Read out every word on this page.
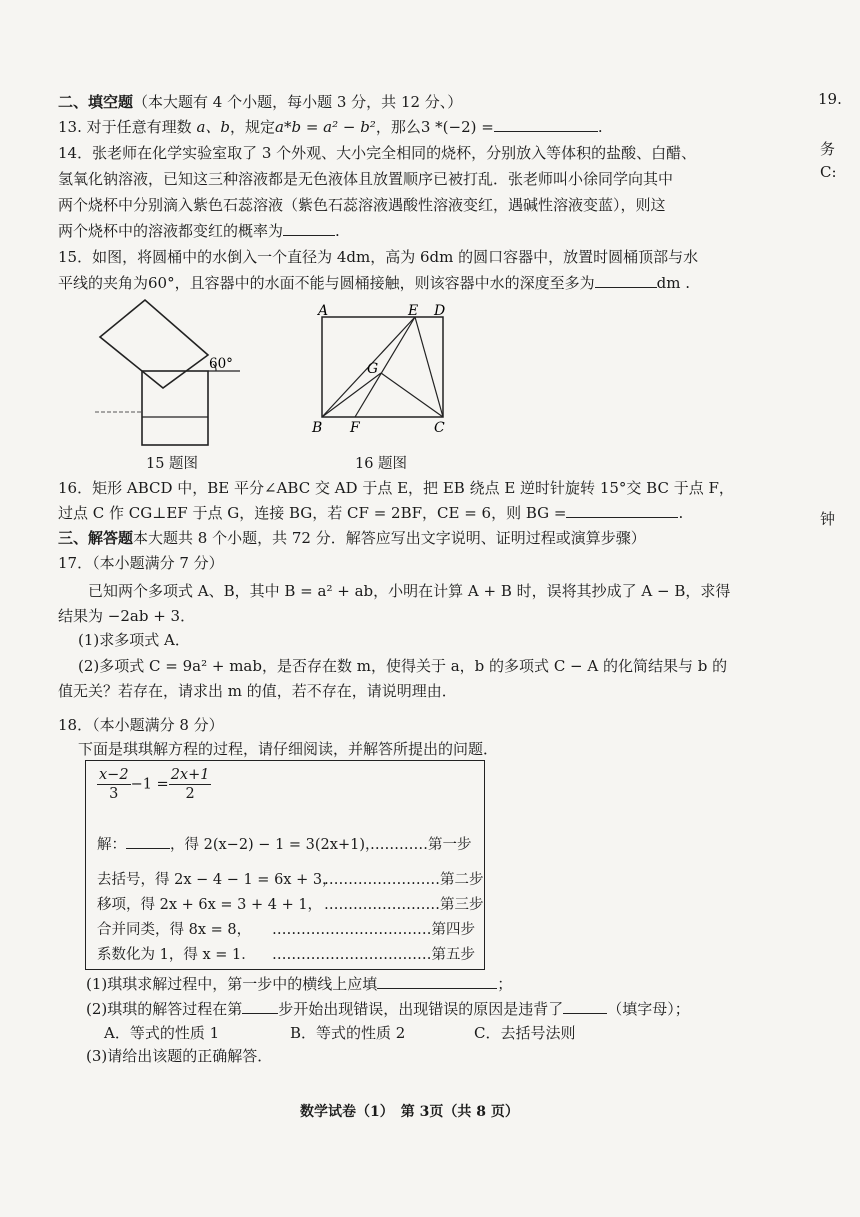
19.
务
C:
钟
二、填空题（本大题有 4 个小题，每小题 3 分，共 12 分、）
13. 对于任意有理数 a、b，规定a*b = a² − b²，那么3 *(−2) =	.
14．张老师在化学实验室取了 3 个外观、大小完全相同的烧杯，分别放入等体积的盐酸、白醋、
氢氧化钠溶液，已知这三种溶液都是无色液体且放置顺序已被打乱．张老师叫小徐同学向其中
两个烧杯中分别滴入紫色石蕊溶液（紫色石蕊溶液遇酸性溶液变红，遇碱性溶液变蓝），则这
两个烧杯中的溶液都变红的概率为	.
15．如图，将圆桶中的水倒入一个直径为 4dm，高为 6dm 的圆口容器中，放置时圆桶顶部与水
平线的夹角为60°，且容器中的水面不能与圆桶接触，则该容器中水的深度至多为	dm .
60°
15 题图
A	E D
G
B F	C
16 题图
16．矩形 ABCD 中，BE 平分∠ABC 交 AD 于点 E，把 EB 绕点 E 逆时针旋转 15°交 BC 于点 F，
过点 C 作 CG⊥EF 于点 G，连接 BG，若 CF = 2BF，CE = 6，则 BG =	.
三、解答题本大题共 8 个小题，共 72 分．解答应写出文字说明、证明过程或演算步骤）
17．（本小题满分 7 分）
已知两个多项式 A、B，其中 B = a² + ab，小明在计算 A + B 时，误将其抄成了 A − B，求得
结果为 −2ab + 3．
(1)求多项式 A．
(2)多项式 C = 9a² + mab，是否存在数 m，使得关于 a，b 的多项式 C − A 的化简结果与 b 的
值无关？若存在，请求出 m 的值，若不存在，请说明理由．
18．（本小题满分 8 分）
下面是琪琪解方程的过程，请仔细阅读，并解答所提出的问题．
$\frac{x-2}{3} -1 = \frac{2x+1}{2}$
解：	，得 2(x−2) − 1 = 3(2x+1)，
…………第一步
去括号，得 2x − 4 − 1 = 6x + 3，
……………………第二步
移项，得 2x + 6x = 3 + 4 + 1， ……………………第三步
合并同类，得 8x = 8， ……………………………第四步
系数化为 1，得 x = 1． ……………………………第五步
(1)琪琪求解过程中，第一步中的横线上应填	；
(2)琪琪的解答过程在第 步开始出现错误，出现错误的原因是违背了	（填字母）；
A．等式的性质 1	B．等式的性质 2	C．去括号法则
(3)请给出该题的正确解答．
数学试卷（1）　第 3页（共 8 页）
